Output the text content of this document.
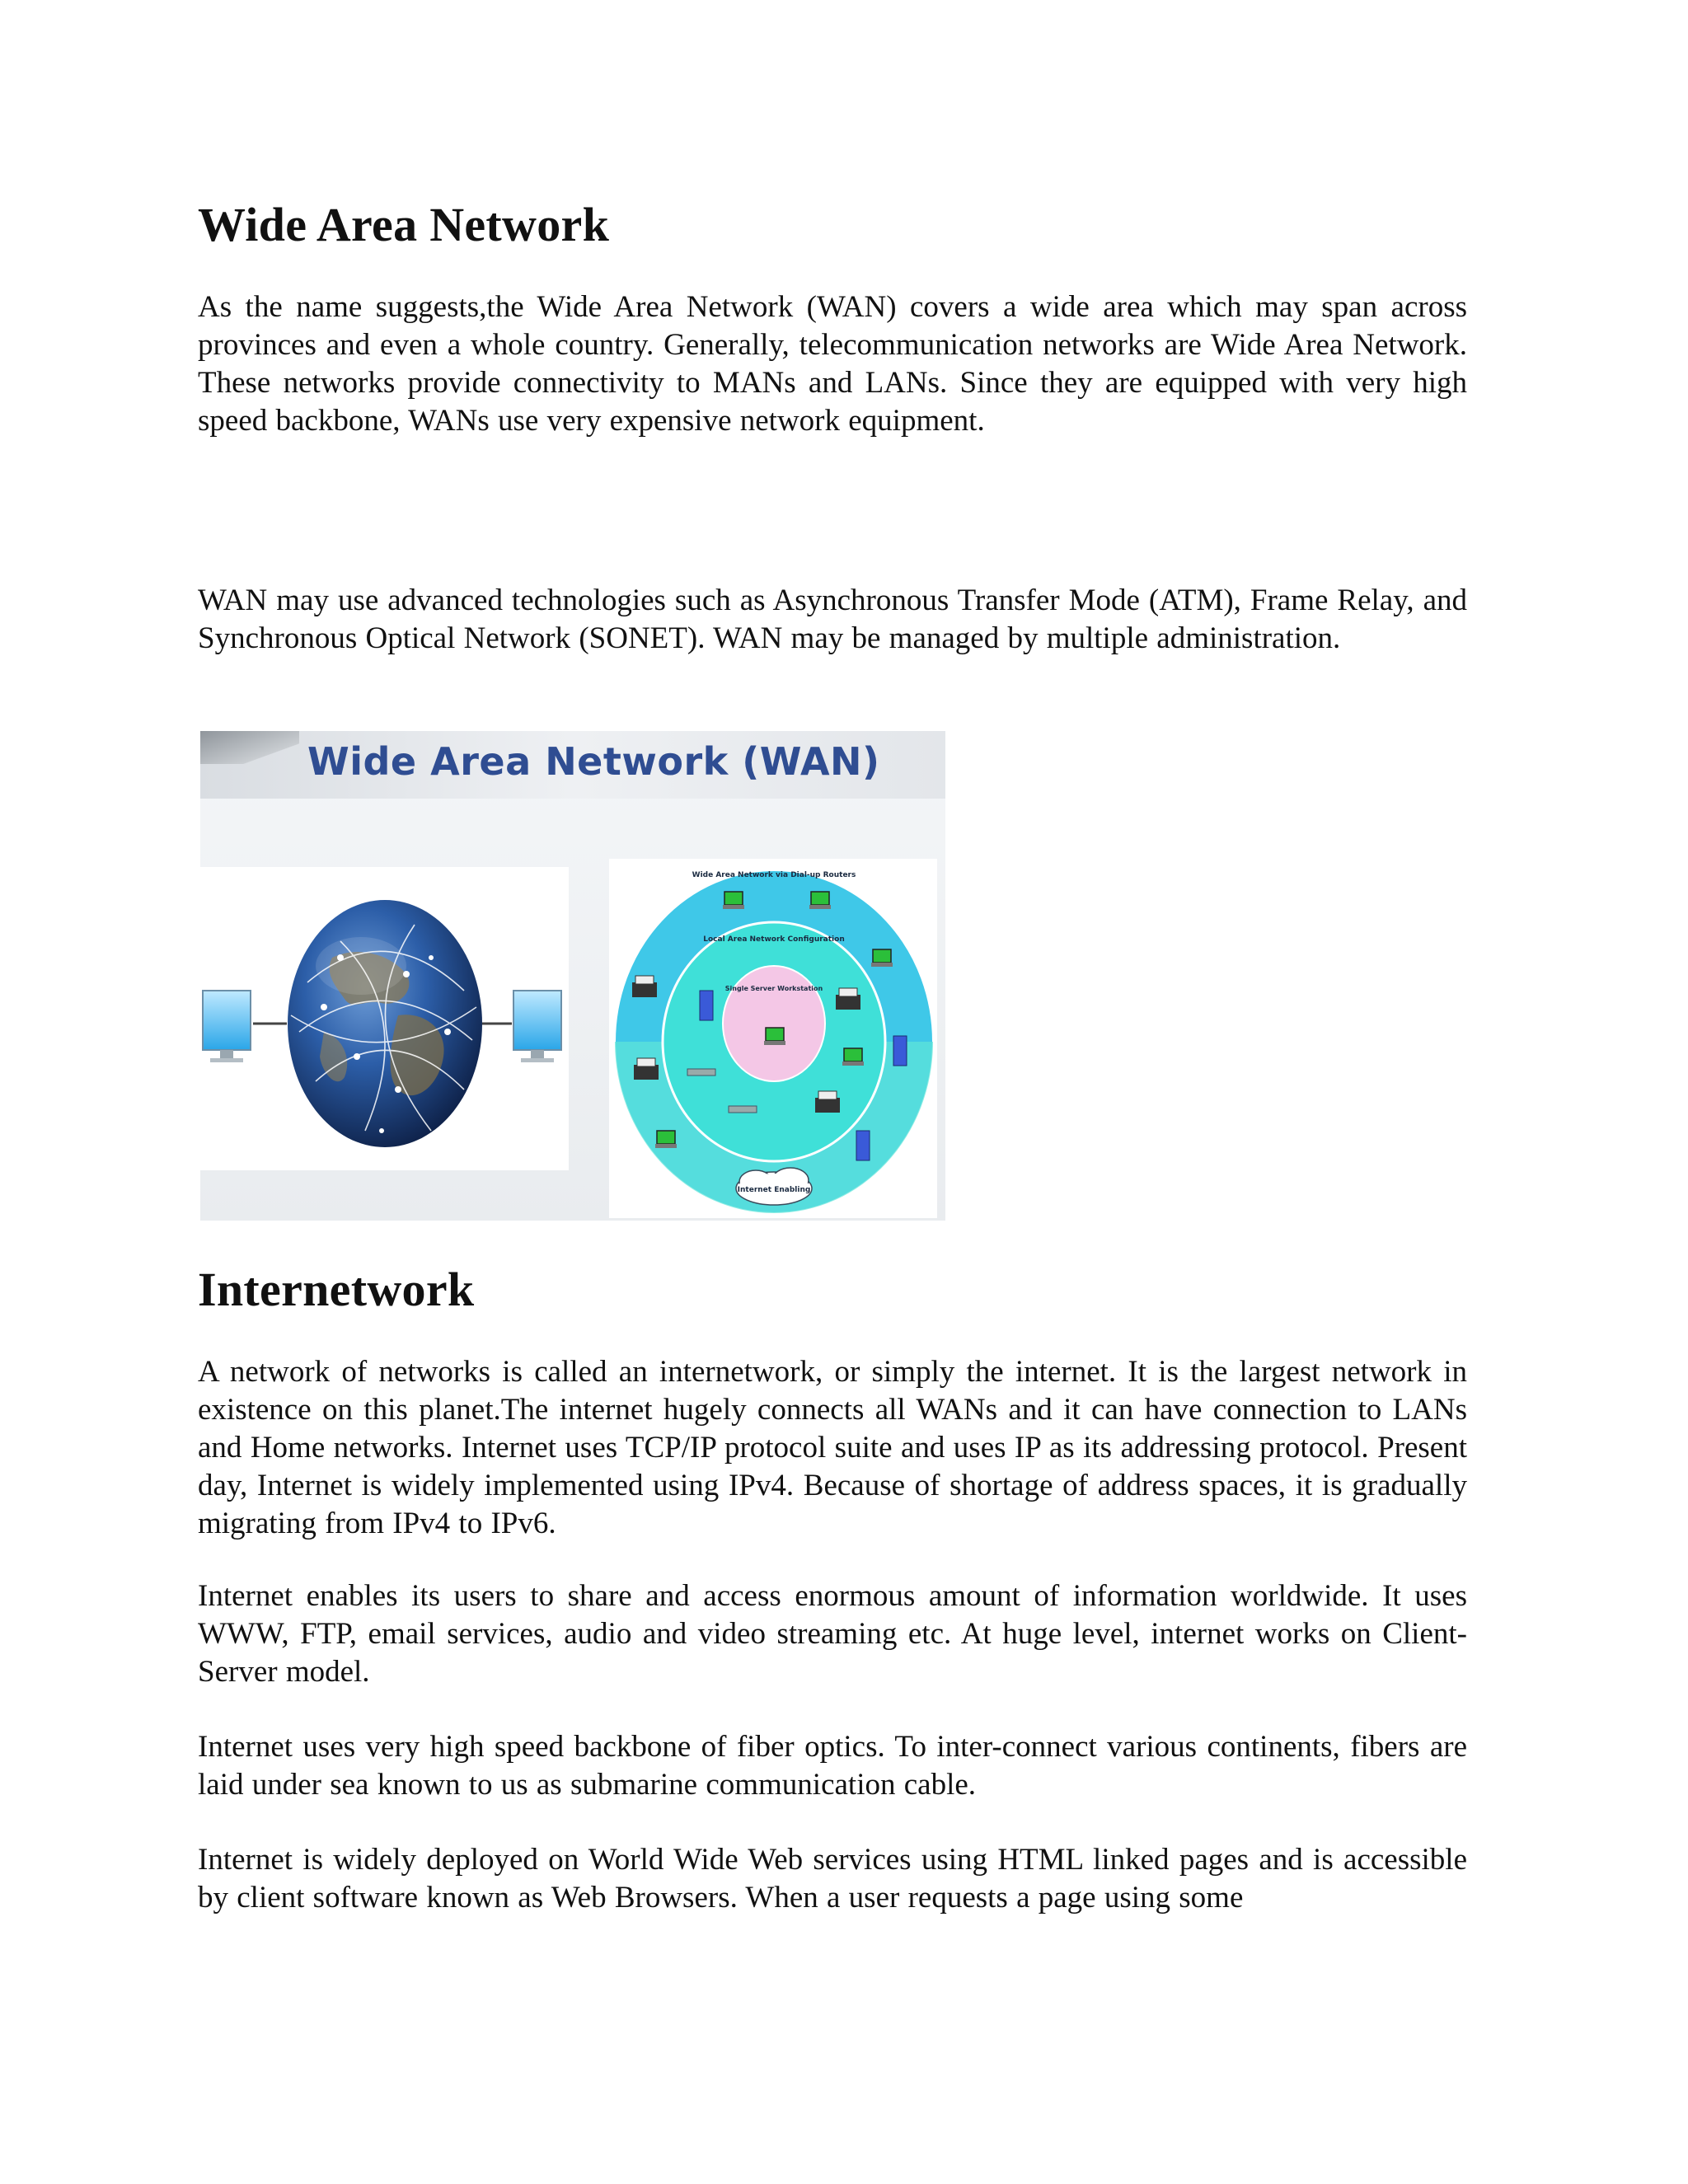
Wide Area Network

As the name suggests,the Wide Area Network (WAN) covers a wide area which may span across provinces and even a whole country. Generally, telecommunication networks are Wide Area Network. These networks provide connectivity to MANs and LANs. Since they are equipped with very high speed backbone, WANs use very expensive network equipment.

WAN may use advanced technologies such as Asynchronous Transfer Mode (ATM), Frame Relay, and Synchronous Optical Network (SONET). WAN may be managed by multiple administration.

Internetwork

A network of networks is called an internetwork, or simply the internet. It is the largest network in existence on this planet.The internet hugely connects all WANs and it can have connection to LANs and Home networks. Internet uses TCP/IP protocol suite and uses IP as its addressing protocol. Present day, Internet is widely implemented using IPv4. Because of shortage of address spaces, it is gradually migrating from IPv4 to IPv6.

Internet enables its users to share and access enormous amount of information worldwide. It uses WWW, FTP, email services, audio and video streaming etc. At huge level, internet works on Client-Server model.

Internet uses very high speed backbone of fiber optics. To inter-connect various continents, fibers are laid under sea known to us as submarine communication cable.

Internet is widely deployed on World Wide Web services using HTML linked pages and is accessible by client software known as Web Browsers. When a user requests a page using some

Wide Area Network (WAN)
Wide Area Network via Dial-up Routers
Local Area Network Configuration
Single Server Workstation
Internet Enabling
